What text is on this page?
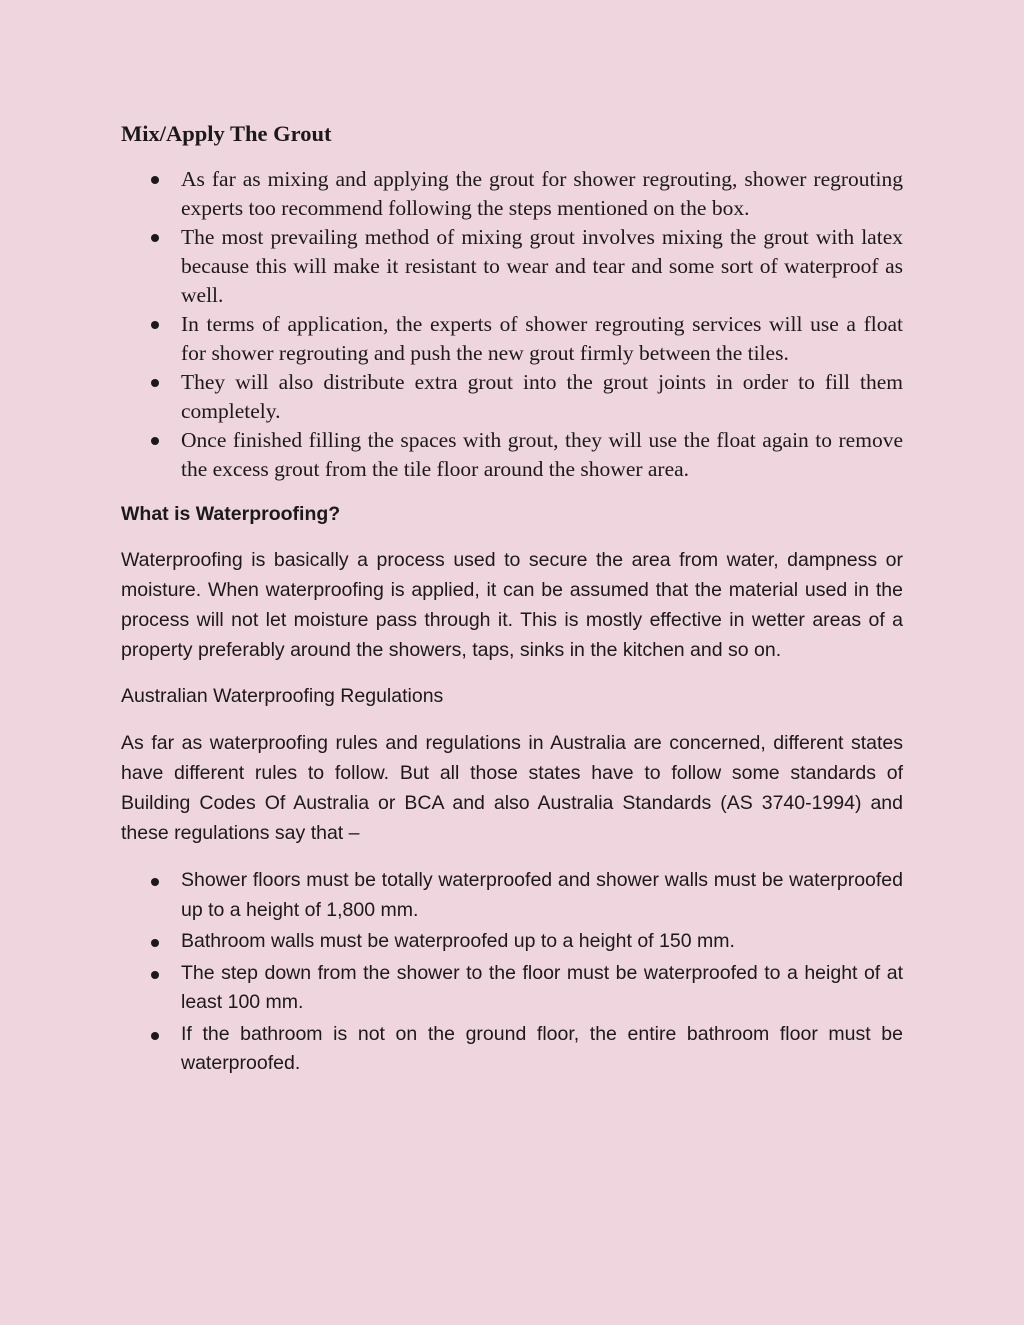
Mix/Apply The Grout
As far as mixing and applying the grout for shower regrouting, shower regrouting experts too recommend following the steps mentioned on the box.
The most prevailing method of mixing grout involves mixing the grout with latex because this will make it resistant to wear and tear and some sort of waterproof as well.
In terms of application, the experts of shower regrouting services will use a float for shower regrouting and push the new grout firmly between the tiles.
They will also distribute extra grout into the grout joints in order to fill them completely.
Once finished filling the spaces with grout, they will use the float again to remove the excess grout from the tile floor around the shower area.
What is Waterproofing?

Waterproofing is basically a process used to secure the area from water, dampness or moisture. When waterproofing is applied, it can be assumed that the material used in the process will not let moisture pass through it. This is mostly effective in wetter areas of a property preferably around the showers, taps, sinks in the kitchen and so on.

Australian Waterproofing Regulations

As far as waterproofing rules and regulations in Australia are concerned, different states have different rules to follow. But all those states have to follow some standards of Building Codes Of Australia or BCA and also Australia Standards (AS 3740-1994) and these regulations say that –

Shower floors must be totally waterproofed and shower walls must be waterproofed up to a height of 1,800 mm.
Bathroom walls must be waterproofed up to a height of 150 mm.
The step down from the shower to the floor must be waterproofed to a height of at least 100 mm.
If the bathroom is not on the ground floor, the entire bathroom floor must be waterproofed.
